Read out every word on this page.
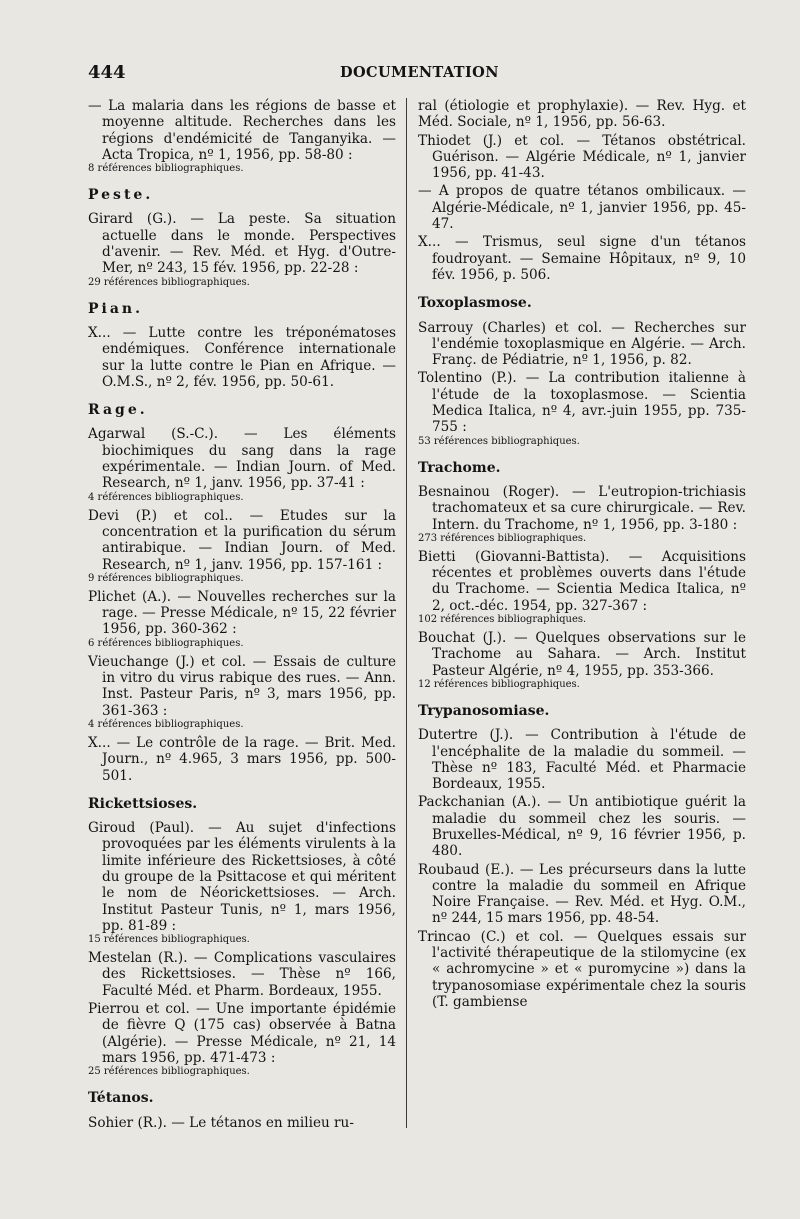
444	DOCUMENTATION

— La malaria dans les régions de basse et moyenne altitude. Recherches dans les régions d'endémicité de Tanganyika. — Acta Tropica, nº 1, 1956, pp. 58-80 :

8 références bibliographiques.

Peste.

Girard (G.). — La peste. Sa situation actuelle dans le monde. Perspectives d'avenir. — Rev. Méd. et Hyg. d'Outre-Mer, nº 243, 15 fév. 1956, pp. 22-28 :

29 références bibliographiques.

Pian.

X... — Lutte contre les tréponématoses endémiques. Conférence internationale sur la lutte contre le Pian en Afrique. — O.M.S., nº 2, fév. 1956, pp. 50-61.

Rage.

Agarwal (S.-C.). — Les éléments biochimiques du sang dans la rage expérimentale. — Indian Journ. of Med. Research, nº 1, janv. 1956, pp. 37-41 :

4 références bibliographiques.

Devi (P.) et col.. — Etudes sur la concentration et la purification du sérum antirabique. — Indian Journ. of Med. Research, nº 1, janv. 1956, pp. 157-161 :

9 références bibliographiques.

Plichet (A.). — Nouvelles recherches sur la rage. — Presse Médicale, nº 15, 22 février 1956, pp. 360-362 :

6 références bibliographiques.

Vieuchange (J.) et col. — Essais de culture in vitro du virus rabique des rues. — Ann. Inst. Pasteur Paris, nº 3, mars 1956, pp. 361-363 :

4 références bibliographiques.

X... — Le contrôle de la rage. — Brit. Med. Journ., nº 4.965, 3 mars 1956, pp. 500-501.

Rickettsioses.

Giroud (Paul). — Au sujet d'infections provoquées par les éléments virulents à la limite inférieure des Rickettsioses, à côté du groupe de la Psittacose et qui méritent le nom de Néorickettsioses. — Arch. Institut Pasteur Tunis, nº 1, mars 1956, pp. 81-89 :

15 références bibliographiques.

Mestelan (R.). — Complications vasculaires des Rickettsioses. — Thèse nº 166, Faculté Méd. et Pharm. Bordeaux, 1955.

Pierrou et col. — Une importante épidémie de fièvre Q (175 cas) observée à Batna (Algérie). — Presse Médicale, nº 21, 14 mars 1956, pp. 471-473 :

25 références bibliographiques.

Tétanos.

Sohier (R.). — Le tétanos en milieu ru-

ral (étiologie et prophylaxie). — Rev. Hyg. et Méd. Sociale, nº 1, 1956, pp. 56-63.

Thiodet (J.) et col. — Tétanos obstétrical. Guérison. — Algérie Médicale, nº 1, janvier 1956, pp. 41-43.

— A propos de quatre tétanos ombilicaux. — Algérie-Médicale, nº 1, janvier 1956, pp. 45-47.

X... — Trismus, seul signe d'un tétanos foudroyant. — Semaine Hôpitaux, nº 9, 10 fév. 1956, p. 506.

Toxoplasmose.

Sarrouy (Charles) et col. — Recherches sur l'endémie toxoplasmique en Algérie. — Arch. Franç. de Pédiatrie, nº 1, 1956, p. 82.

Tolentino (P.). — La contribution italienne à l'étude de la toxoplasmose. — Scientia Medica Italica, nº 4, avr.-juin 1955, pp. 735-755 :

53 références bibliographiques.

Trachome.

Besnainou (Roger). — L'eutropion-trichiasis trachomateux et sa cure chirurgicale. — Rev. Intern. du Trachome, nº 1, 1956, pp. 3-180 :

273 références bibliographiques.

Bietti (Giovanni-Battista). — Acquisitions récentes et problèmes ouverts dans l'étude du Trachome. — Scientia Medica Italica, nº 2, oct.-déc. 1954, pp. 327-367 :

102 références bibliographiques.

Bouchat (J.). — Quelques observations sur le Trachome au Sahara. — Arch. Institut Pasteur Algérie, nº 4, 1955, pp. 353-366.

12 références bibliographiques.

Trypanosomiase.

Dutertre (J.). — Contribution à l'étude de l'encéphalite de la maladie du sommeil. — Thèse nº 183, Faculté Méd. et Pharmacie Bordeaux, 1955.

Packchanian (A.). — Un antibiotique guérit la maladie du sommeil chez les souris. — Bruxelles-Médical, nº 9, 16 février 1956, p. 480.

Roubaud (E.). — Les précurseurs dans la lutte contre la maladie du sommeil en Afrique Noire Française. — Rev. Méd. et Hyg. O.M., nº 244, 15 mars 1956, pp. 48-54.

Trincao (C.) et col. — Quelques essais sur l'activité thérapeutique de la stilomycine (ex « achromycine » et « puromycine ») dans la trypanosomiase expérimentale chez la souris (T. gambiense
